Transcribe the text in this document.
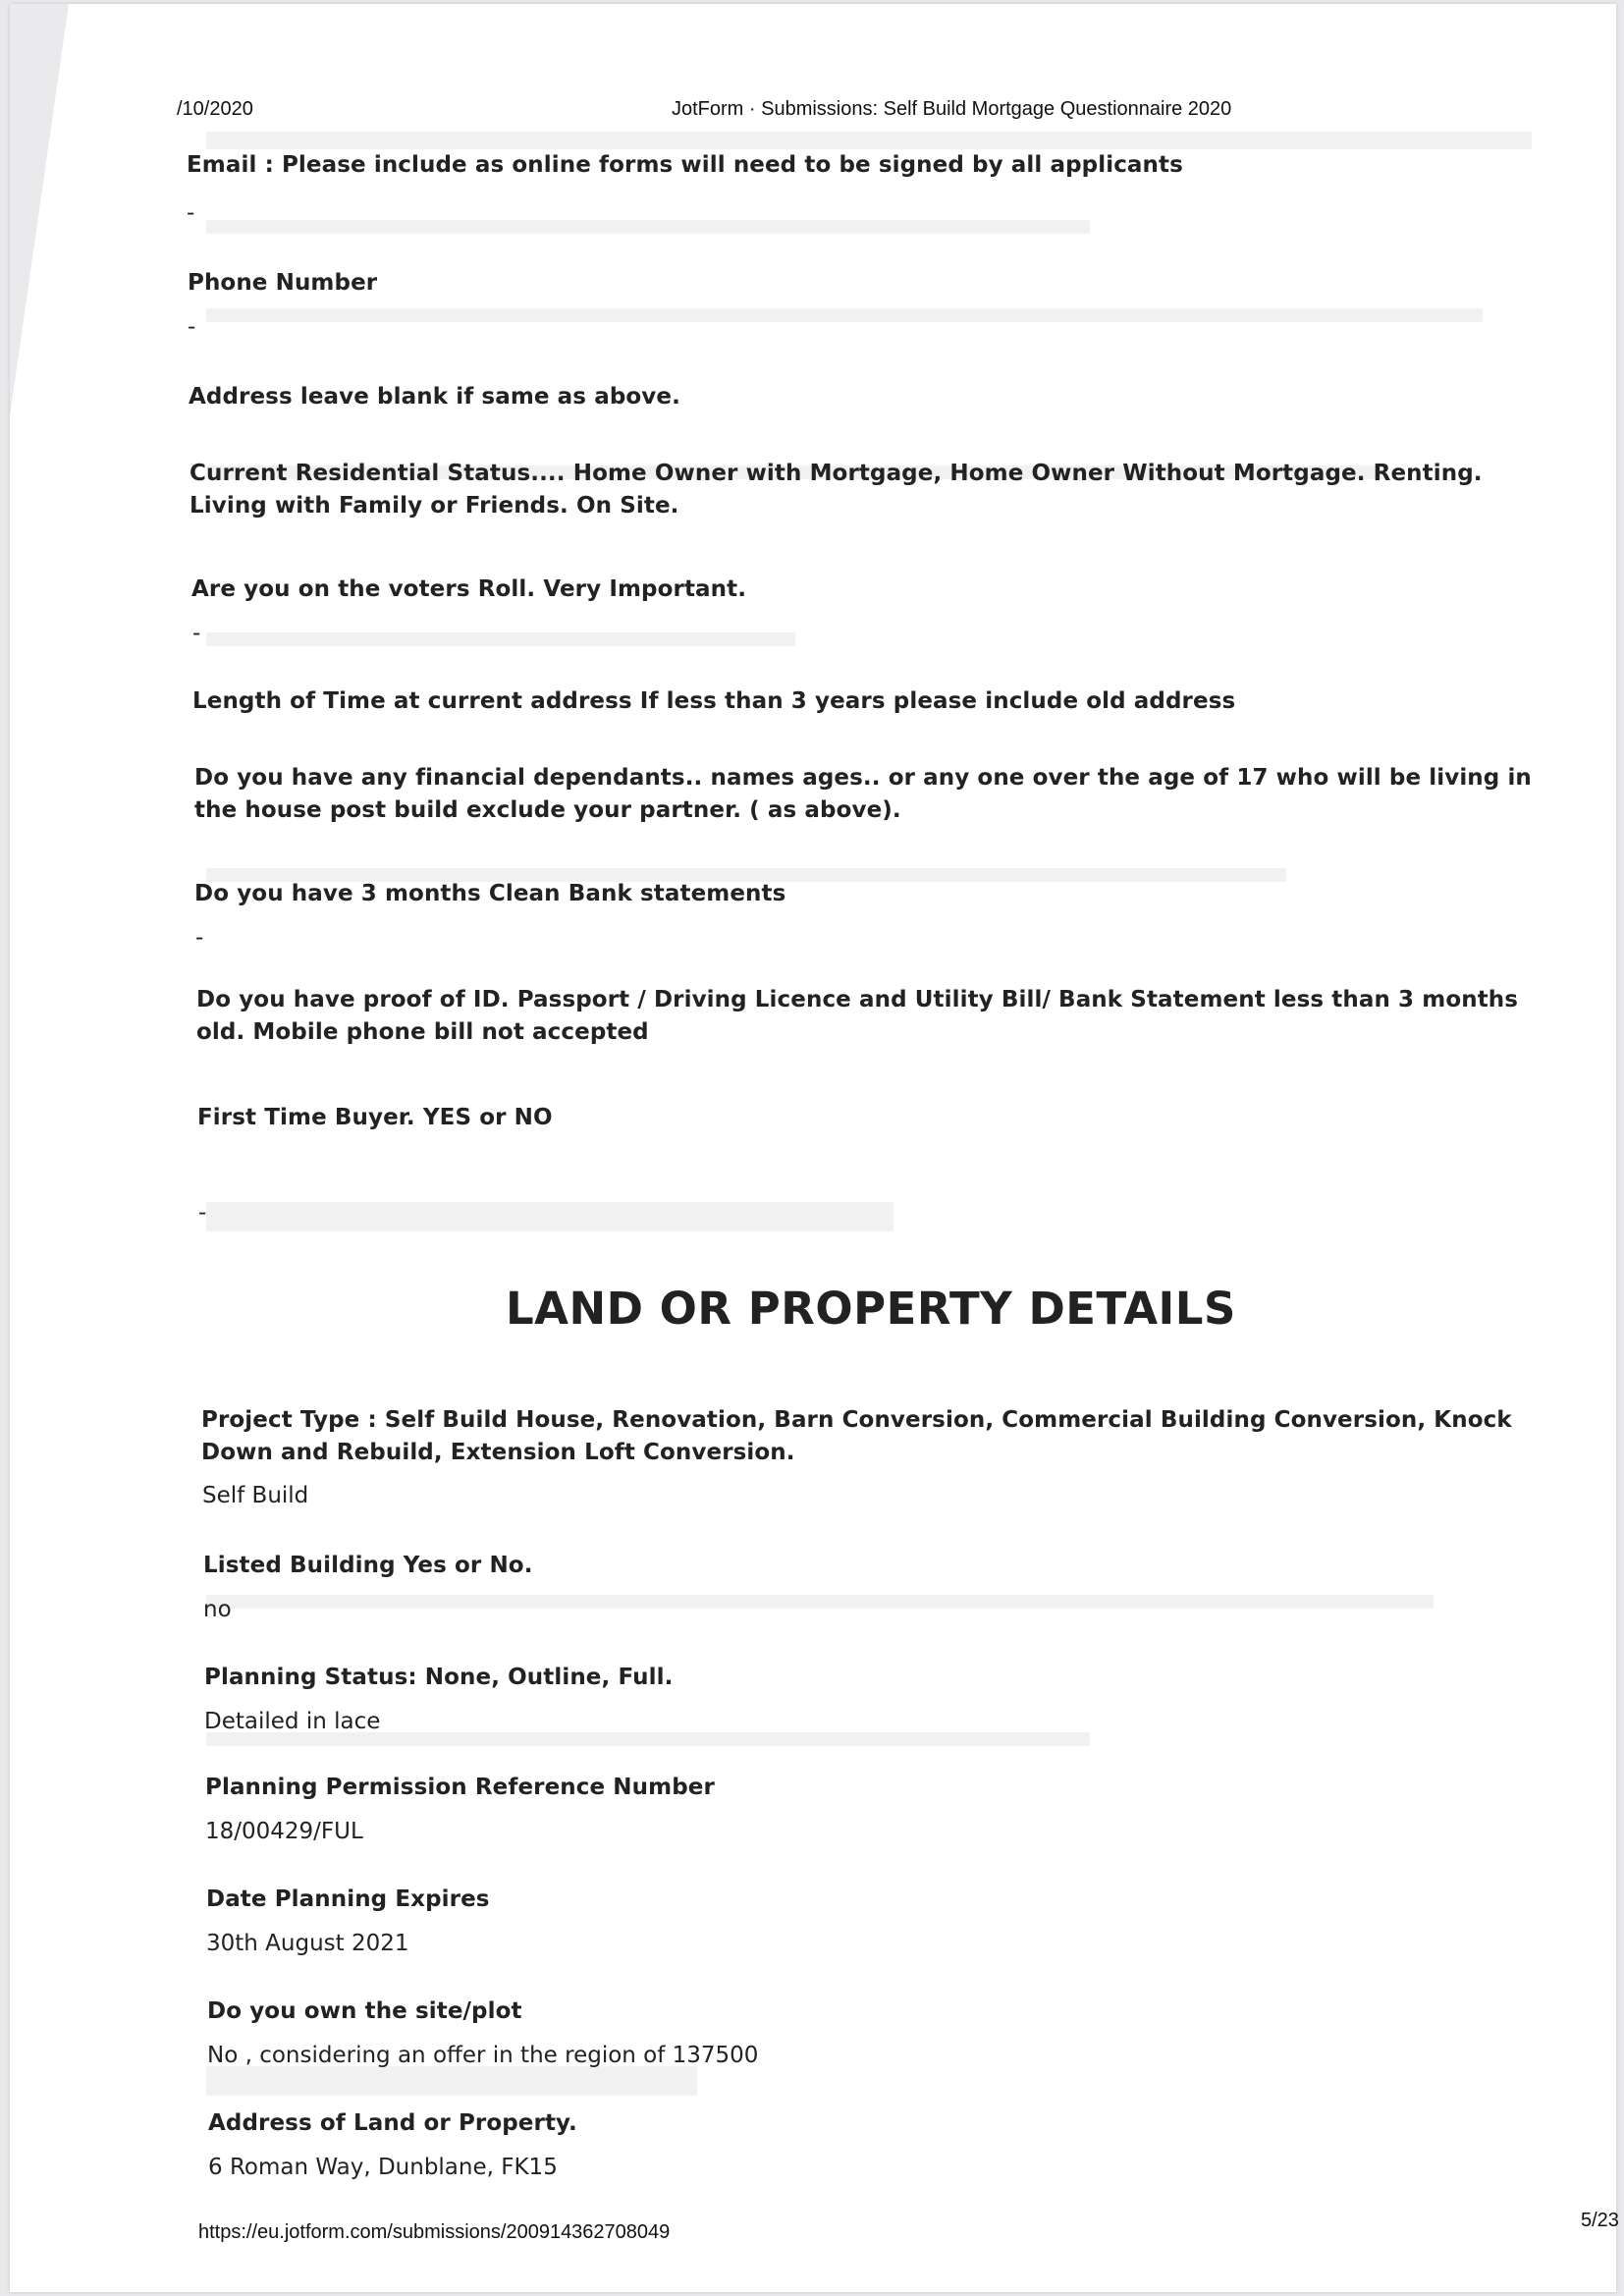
/10/2020	JotForm · Submissions: Self Build Mortgage Questionnaire 2020
Email : Please include as online forms will need to be signed by all applicants
-
Phone Number
-
Address leave blank if same as above.
Current Residential Status.... Home Owner with Mortgage, Home Owner Without Mortgage. Renting. Living with Family or Friends. On Site.
Are you on the voters Roll. Very Important.
-
Length of Time at current address If less than 3 years please include old address
Do you have any financial dependants.. names ages.. or any one over the age of 17 who will be living in the house post build exclude your partner. ( as above).
Do you have 3 months Clean Bank statements
-
Do you have proof of ID. Passport / Driving Licence and Utility Bill/ Bank Statement less than 3 months old. Mobile phone bill not accepted
First Time Buyer. YES or NO
-
LAND OR PROPERTY DETAILS
Project Type : Self Build House, Renovation, Barn Conversion, Commercial Building Conversion, Knock Down and Rebuild, Extension Loft Conversion.
Self Build
Listed Building Yes or No.
no
Planning Status: None, Outline, Full.
Detailed in lace
Planning Permission Reference Number
18/00429/FUL
Date Planning Expires
30th August 2021
Do you own the site/plot
No , considering an offer in the region of 137500
Address of Land or Property.
6 Roman Way, Dunblane, FK15
https://eu.jotform.com/submissions/200914362708049
5/23
